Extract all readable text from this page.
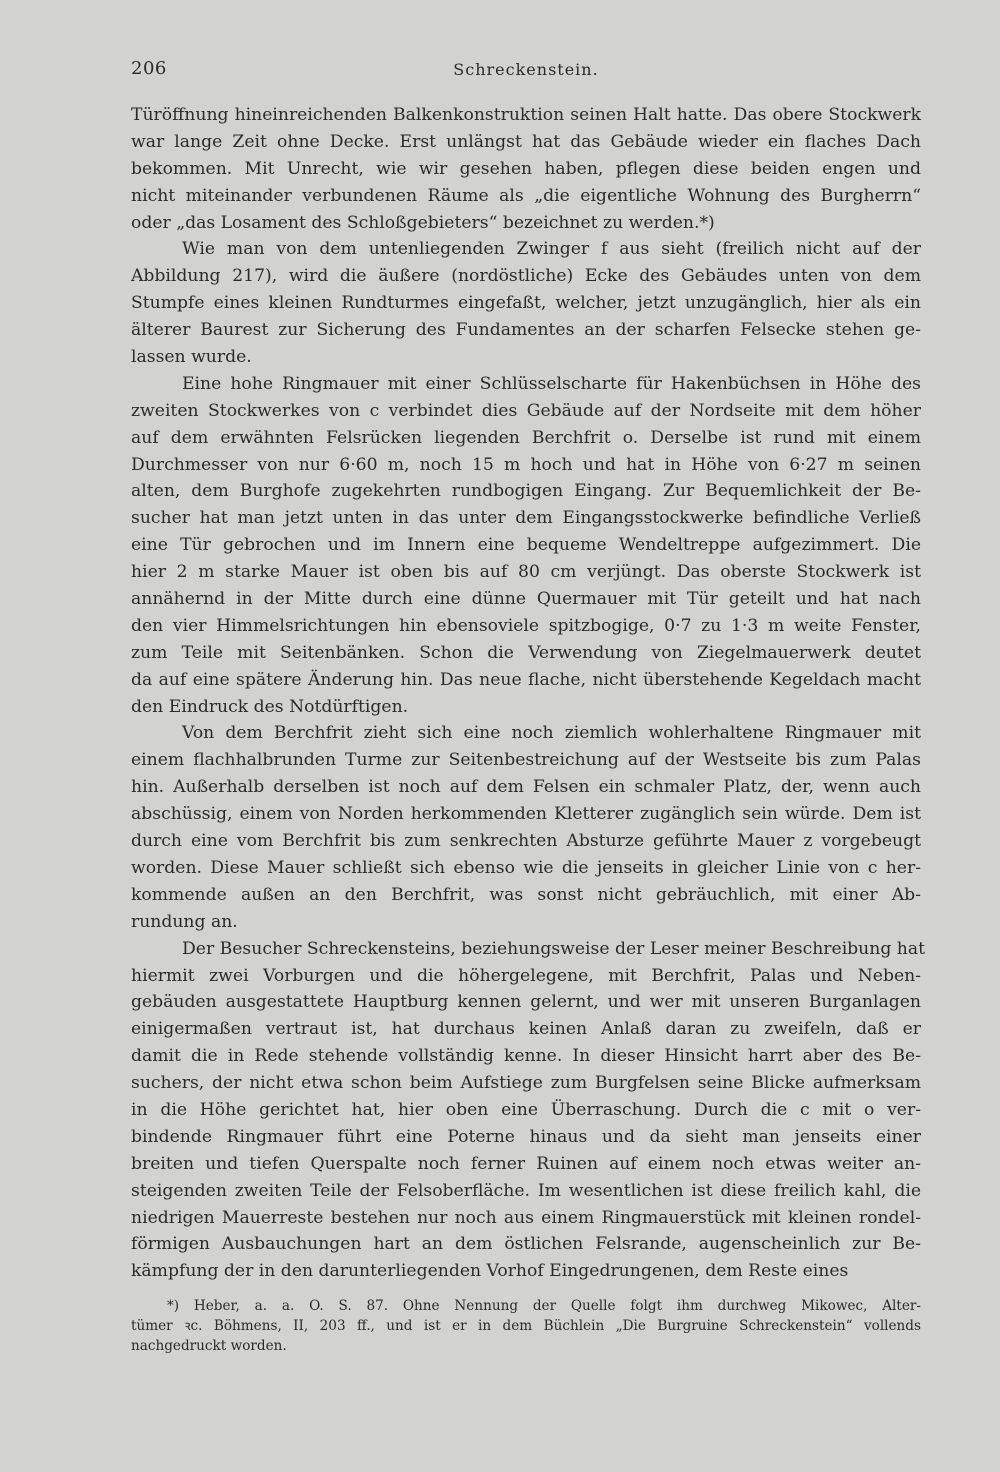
206	Schreckenstein.
Türöffnung hineinreichenden Balkenkonstruktion seinen Halt hatte. Das obere Stockwerk
war lange Zeit ohne Decke. Erst unlängst hat das Gebäude wieder ein flaches Dach
bekommen. Mit Unrecht, wie wir gesehen haben, pflegen diese beiden engen und
nicht miteinander verbundenen Räume als „die eigentliche Wohnung des Burgherrn“
oder „das Losament des Schloßgebieters“ bezeichnet zu werden.*)
Wie man von dem untenliegenden Zwinger f aus sieht (freilich nicht auf der
Abbildung 217), wird die äußere (nordöstliche) Ecke des Gebäudes unten von dem
Stumpfe eines kleinen Rundturmes eingefaßt, welcher, jetzt unzugänglich, hier als ein
älterer Baurest zur Sicherung des Fundamentes an der scharfen Felsecke stehen ge-
lassen wurde.
Eine hohe Ringmauer mit einer Schlüsselscharte für Hakenbüchsen in Höhe des
zweiten Stockwerkes von c verbindet dies Gebäude auf der Nordseite mit dem höher
auf dem erwähnten Felsrücken liegenden Berchfrit o. Derselbe ist rund mit einem
Durchmesser von nur 6·60 m, noch 15 m hoch und hat in Höhe von 6·27 m seinen
alten, dem Burghofe zugekehrten rundbogigen Eingang. Zur Bequemlichkeit der Be-
sucher hat man jetzt unten in das unter dem Eingangsstockwerke befindliche Verließ
eine Tür gebrochen und im Innern eine bequeme Wendeltreppe aufgezimmert. Die
hier 2 m starke Mauer ist oben bis auf 80 cm verjüngt. Das oberste Stockwerk ist
annähernd in der Mitte durch eine dünne Quermauer mit Tür geteilt und hat nach
den vier Himmelsrichtungen hin ebensoviele spitzbogige, 0·7 zu 1·3 m weite Fenster,
zum Teile mit Seitenbänken. Schon die Verwendung von Ziegelmauerwerk deutet
da auf eine spätere Änderung hin. Das neue flache, nicht überstehende Kegeldach macht
den Eindruck des Notdürftigen.
Von dem Berchfrit zieht sich eine noch ziemlich wohlerhaltene Ringmauer mit
einem flachhalbrunden Turme zur Seitenbestreichung auf der Westseite bis zum Palas
hin. Außerhalb derselben ist noch auf dem Felsen ein schmaler Platz, der, wenn auch
abschüssig, einem von Norden herkommenden Kletterer zugänglich sein würde. Dem ist
durch eine vom Berchfrit bis zum senkrechten Absturze geführte Mauer z vorgebeugt
worden. Diese Mauer schließt sich ebenso wie die jenseits in gleicher Linie von c her-
kommende außen an den Berchfrit, was sonst nicht gebräuchlich, mit einer Ab-
rundung an.
Der Besucher Schreckensteins, beziehungsweise der Leser meiner Beschreibung hat
hiermit zwei Vorburgen und die höhergelegene, mit Berchfrit, Palas und Neben-
gebäuden ausgestattete Hauptburg kennen gelernt, und wer mit unseren Burganlagen
einigermaßen vertraut ist, hat durchaus keinen Anlaß daran zu zweifeln, daß er
damit die in Rede stehende vollständig kenne. In dieser Hinsicht harrt aber des Be-
suchers, der nicht etwa schon beim Aufstiege zum Burgfelsen seine Blicke aufmerksam
in die Höhe gerichtet hat, hier oben eine Überraschung. Durch die c mit o ver-
bindende Ringmauer führt eine Poterne hinaus und da sieht man jenseits einer
breiten und tiefen Querspalte noch ferner Ruinen auf einem noch etwas weiter an-
steigenden zweiten Teile der Felsoberfläche. Im wesentlichen ist diese freilich kahl, die
niedrigen Mauerreste bestehen nur noch aus einem Ringmauerstück mit kleinen rondel-
förmigen Ausbauchungen hart an dem östlichen Felsrande, augenscheinlich zur Be-
kämpfung der in den darunterliegenden Vorhof Eingedrungenen, dem Reste eines
*) Heber, a. a. O. S. 87. Ohne Nennung der Quelle folgt ihm durchweg Mikowec, Alter-
tümer ꝛc. Böhmens, II, 203 ff., und ist er in dem Büchlein „Die Burgruine Schreckenstein“ vollends
nachgedruckt worden.
